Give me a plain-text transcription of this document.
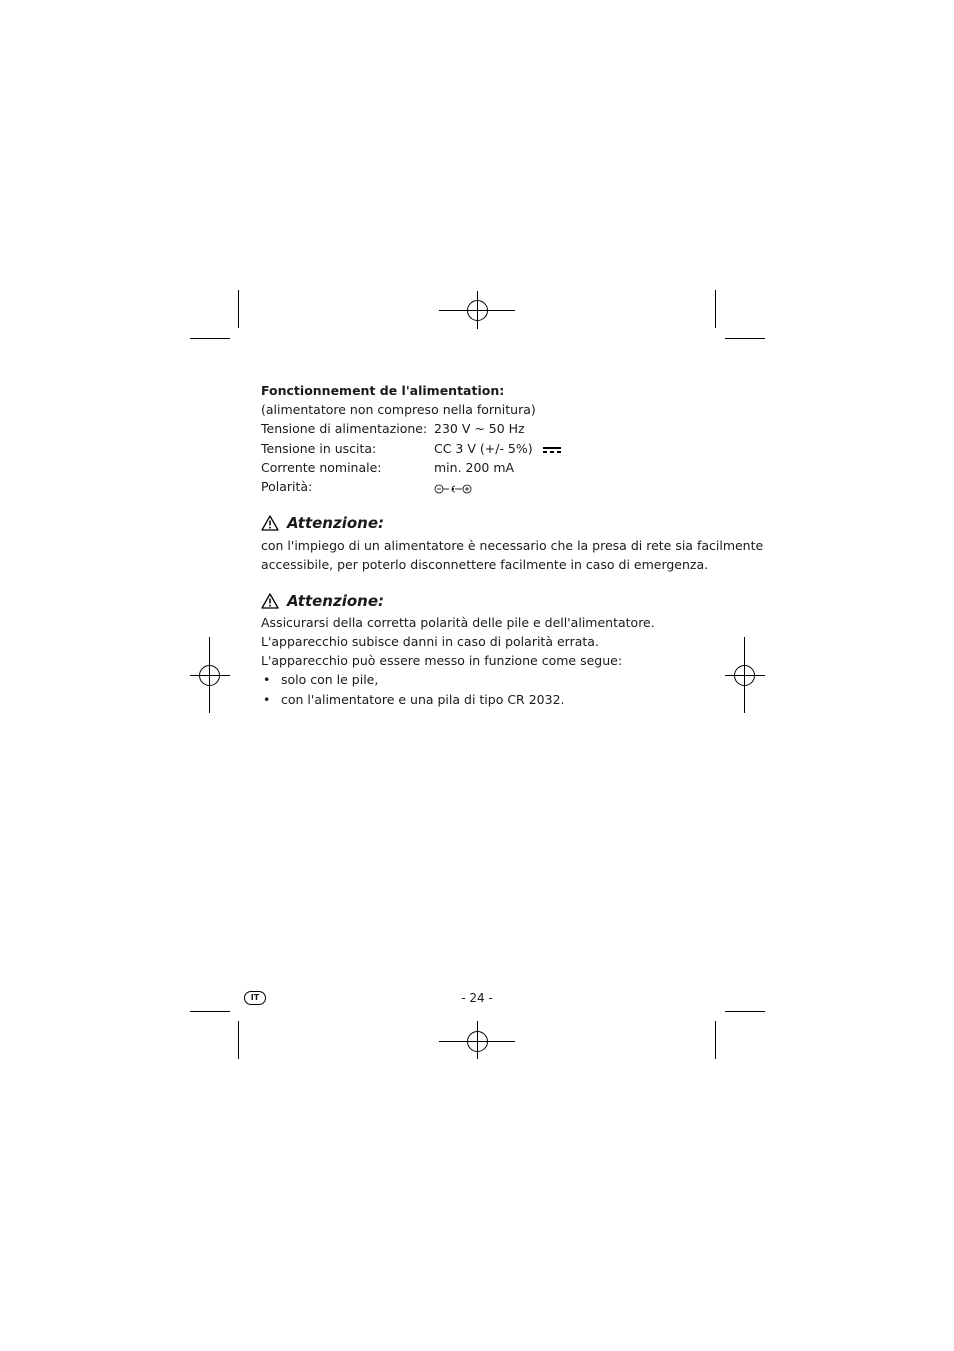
Fonctionnement de l'alimentation:
(alimentatore non compreso nella fornitura)
Tensione di alimentazione: 230 V ~ 50 Hz
Tensione in uscita:	CC 3 V (+/- 5%)
Corrente nominale:	min. 200 mA
Polarità:
Attenzione:
con l'impiego di un alimentatore è necessario che la presa di rete sia facilmente
accessibile, per poterlo disconnettere facilmente in caso di emergenza.
Attenzione:
Assicurarsi della corretta polarità delle pile e dell'alimentatore.
L'apparecchio subisce danni in caso di polarità errata.
L'apparecchio può essere messo in funzione come segue:
• solo con le pile,
• con l'alimentatore e una pila di tipo CR 2032.
IT	- 24 -
